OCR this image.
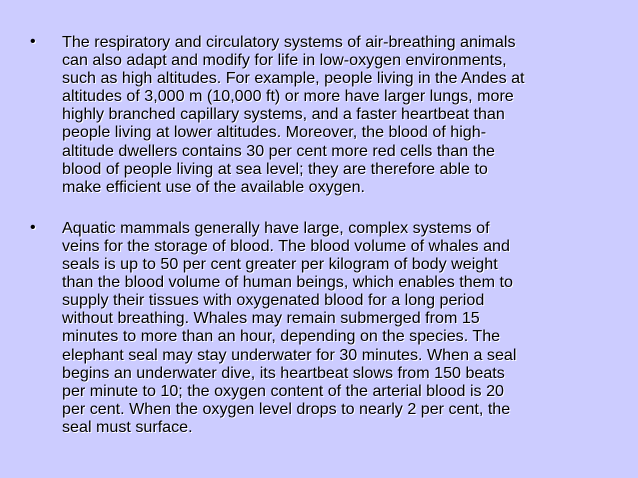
•	The respiratory and circulatory systems of air-breathing animals
can also adapt and modify for life in low-oxygen environments,
such as high altitudes. For example, people living in the Andes at
altitudes of 3,000 m (10,000 ft) or more have larger lungs, more
highly branched capillary systems, and a faster heartbeat than
people living at lower altitudes. Moreover, the blood of high-
altitude dwellers contains 30 per cent more red cells than the
blood of people living at sea level; they are therefore able to
make efficient use of the available oxygen.
•	Aquatic mammals generally have large, complex systems of
veins for the storage of blood. The blood volume of whales and
seals is up to 50 per cent greater per kilogram of body weight
than the blood volume of human beings, which enables them to
supply their tissues with oxygenated blood for a long period
without breathing. Whales may remain submerged from 15
minutes to more than an hour, depending on the species. The
elephant seal may stay underwater for 30 minutes. When a seal
begins an underwater dive, its heartbeat slows from 150 beats
per minute to 10; the oxygen content of the arterial blood is 20
per cent. When the oxygen level drops to nearly 2 per cent, the
seal must surface.
